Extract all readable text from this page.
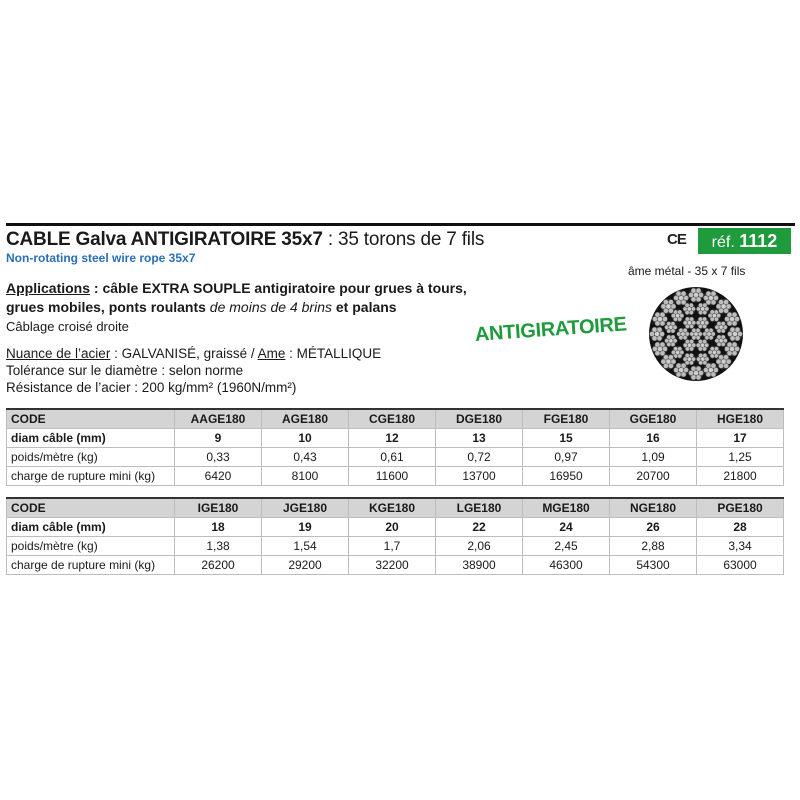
CABLE Galva ANTIGIRATOIRE 35x7 : 35 torons de 7 fils
Non-rotating steel wire rope 35x7
CE	réf. 1112
âme métal - 35 x 7 fils
Applications : câble EXTRA SOUPLE antigiratoire pour grues à tours, grues mobiles, ponts roulants de moins de 4 brins et palans
Câblage croisé droite	ANTIGIRATOIRE
Nuance de l’acier : GALVANISÉ, graissé / Ame : MÉTALLIQUE
Tolérance sur le diamètre : selon norme
Résistance de l’acier : 200 kg/mm² (1960N/mm²)
CODE	AAGE180	AGE180	CGE180	DGE180	FGE180	GGE180	HGE180
diam câble (mm)	9	10	12	13	15	16	17
poids/mètre (kg)	0,33	0,43	0,61	0,72	0,97	1,09	1,25
charge de rupture mini (kg)	6420	8100	11600	13700	16950	20700	21800
CODE	IGE180	JGE180	KGE180	LGE180	MGE180	NGE180	PGE180
diam câble (mm)	18	19	20	22	24	26	28
poids/mètre (kg)	1,38	1,54	1,7	2,06	2,45	2,88	3,34
charge de rupture mini (kg)	26200	29200	32200	38900	46300	54300	63000
